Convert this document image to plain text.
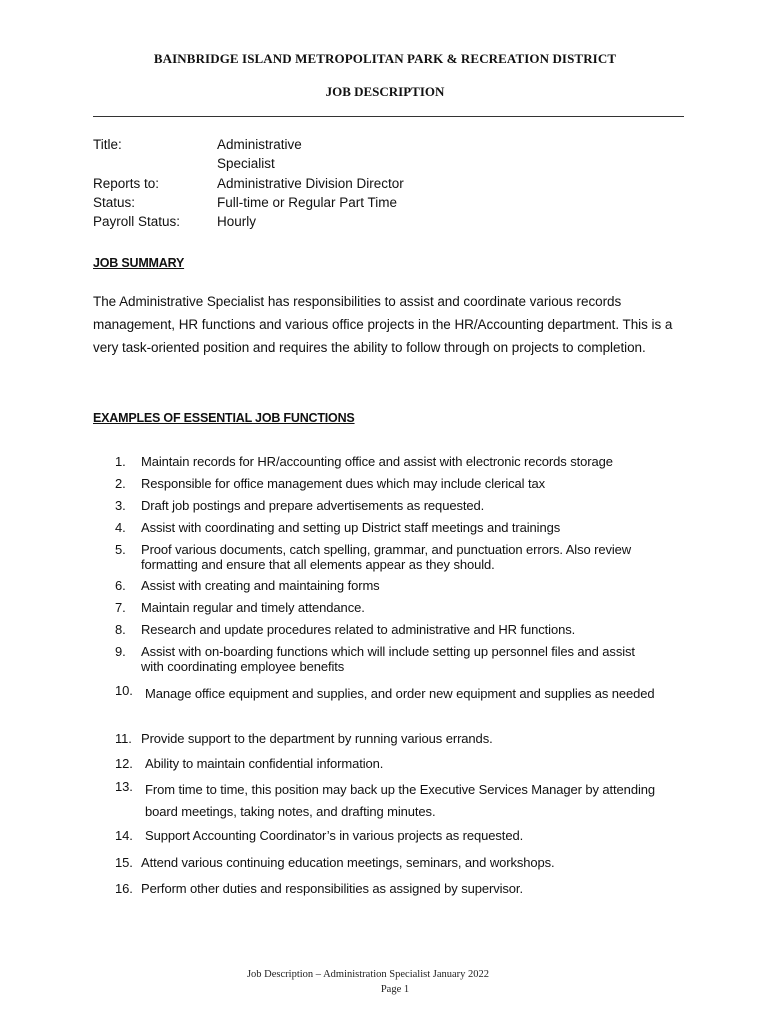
BAINBRIDGE ISLAND METROPOLITAN PARK & RECREATION DISTRICT
JOB DESCRIPTION
Title:	Administrative Specialist
Reports to:	Administrative Division Director
Status:	Full-time or Regular Part Time
Payroll Status:	Hourly
JOB SUMMARY
The Administrative Specialist has responsibilities to assist and coordinate various records management, HR functions and various office projects in the HR/Accounting department. This is a very task-oriented position and requires the ability to follow through on projects to completion.
EXAMPLES OF ESSENTIAL JOB FUNCTIONS
1.	Maintain records for HR/accounting office and assist with electronic records storage
2.	Responsible for office management dues which may include clerical tax
3.	Draft job postings and prepare advertisements as requested.
4.	Assist with coordinating and setting up District staff meetings and trainings
5.	Proof various documents, catch spelling, grammar, and punctuation errors. Also review formatting and ensure that all elements appear as they should.
6.	Assist with creating and maintaining forms
7.	Maintain regular and timely attendance.
8.	Research and update procedures related to administrative and HR functions.
9.	Assist with on-boarding functions which will include setting up personnel files and assist with coordinating employee benefits
10. Manage office equipment and supplies, and order new equipment and supplies as needed
11. Provide support to the department by running various errands.
12. Ability to maintain confidential information.
13. From time to time, this position may back up the Executive Services Manager by attending board meetings, taking notes, and drafting minutes.
14. Support Accounting Coordinator’s in various projects as requested.
15. Attend various continuing education meetings, seminars, and workshops.
16. Perform other duties and responsibilities as assigned by supervisor.
Job Description – Administration Specialist January 2022
Page 1
